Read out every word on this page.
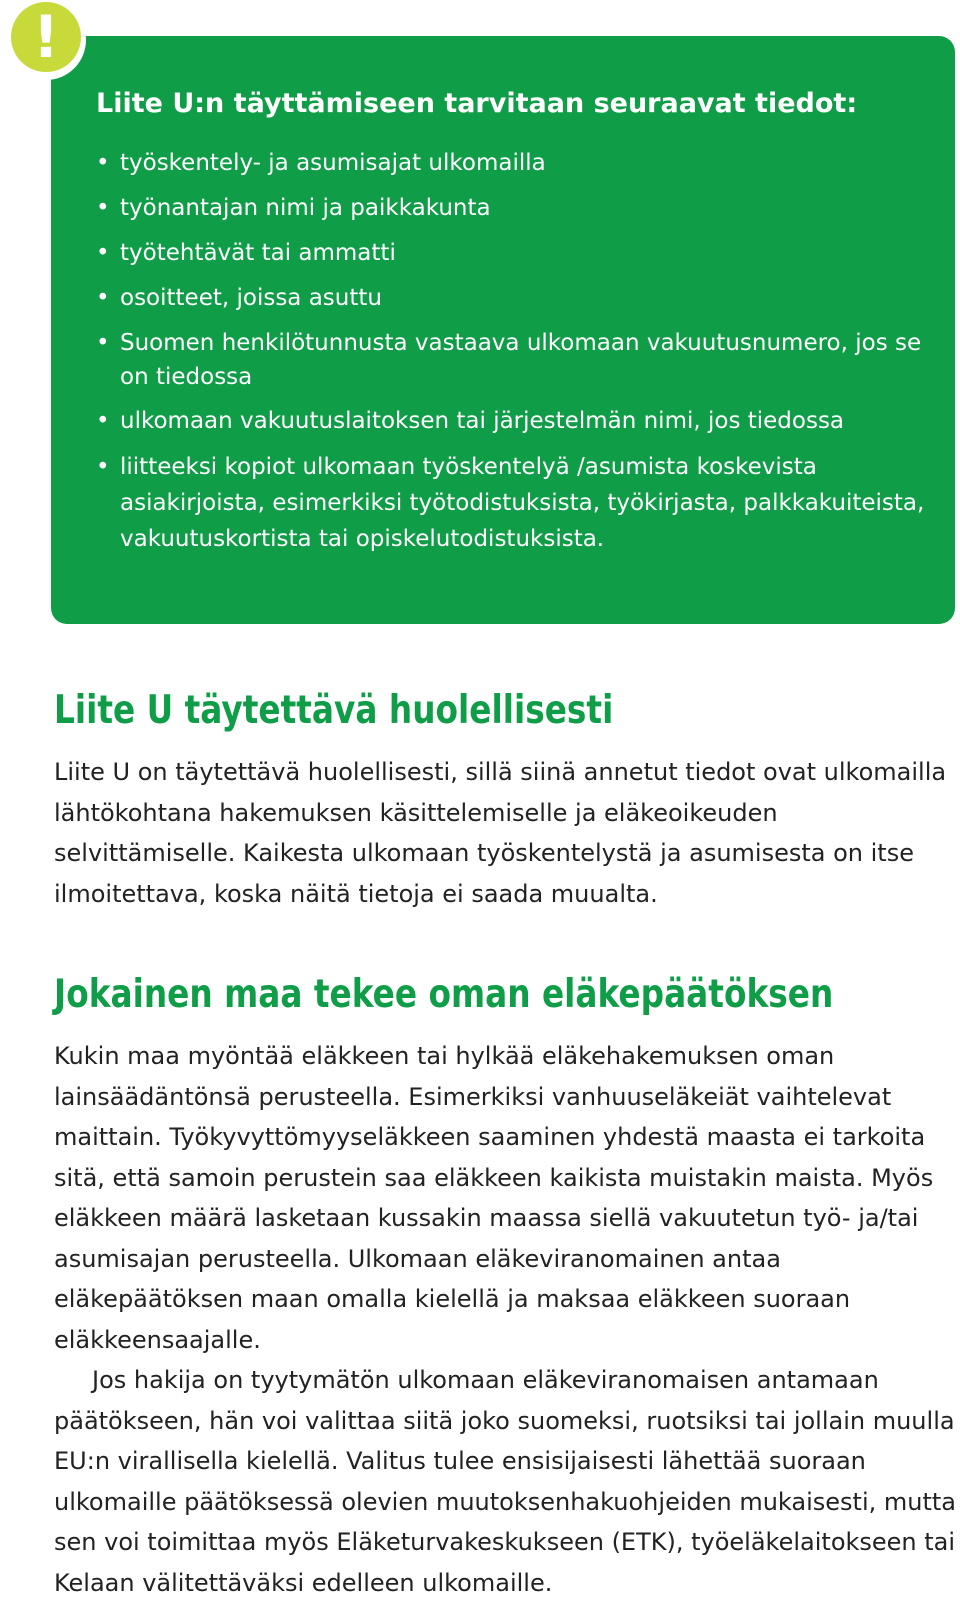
!
Liite U:n täyttämiseen tarvitaan seuraavat tiedot:
• työskentely- ja asumisajat ulkomailla
• työnantajan nimi ja paikkakunta
• työtehtävät tai ammatti
• osoitteet, joissa asuttu
• Suomen henkilötunnusta vastaava ulkomaan vakuutusnumero, jos se on tiedossa
• ulkomaan vakuutuslaitoksen tai järjestelmän nimi, jos tiedossa
• liitteeksi kopiot ulkomaan työskentelyä /asumista koskevista asiakirjoista, esimerkiksi työtodistuksista, työkirjasta, palkkakuiteista, vakuutuskortista tai opiskelutodistuksista.
Liite U täytettävä huolellisesti

Liite U on täytettävä huolellisesti, sillä siinä annetut tiedot ovat ulkomailla lähtökohtana hakemuksen käsittelemiselle ja eläkeoikeuden selvittämiselle. Kaikesta ulkomaan työskentelystä ja asumisesta on itse ilmoitettava, koska näitä tietoja ei saada muualta.

Jokainen maa tekee oman eläkepäätöksen

Kukin maa myöntää eläkkeen tai hylkää eläkehakemuksen oman lainsäädäntönsä perusteella. Esimerkiksi vanhuuseläkeiät vaihtelevat maittain. Työkyvyttömyyseläkkeen saaminen yhdestä maasta ei tarkoita sitä, että samoin perustein saa eläkkeen kaikista muistakin maista. Myös eläkkeen määrä lasketaan kussakin maassa siellä vakuutetun työ- ja/tai asumisajan perusteella. Ulkomaan eläkeviranomainen antaa eläkepäätöksen maan omalla kielellä ja maksaa eläkkeen suoraan eläkkeensaajalle.

Jos hakija on tyytymätön ulkomaan eläkeviranomaisen antamaan päätökseen, hän voi valittaa siitä joko suomeksi, ruotsiksi tai jollain muulla EU:n virallisella kielellä. Valitus tulee ensisijaisesti lähettää suoraan ulkomaille päätöksessä olevien muutoksenhakuohjeiden mukaisesti, mutta sen voi toimittaa myös Eläketurvakeskukseen (ETK), työeläkelaitokseen tai Kelaan välitettäväksi edelleen ulkomaille.
